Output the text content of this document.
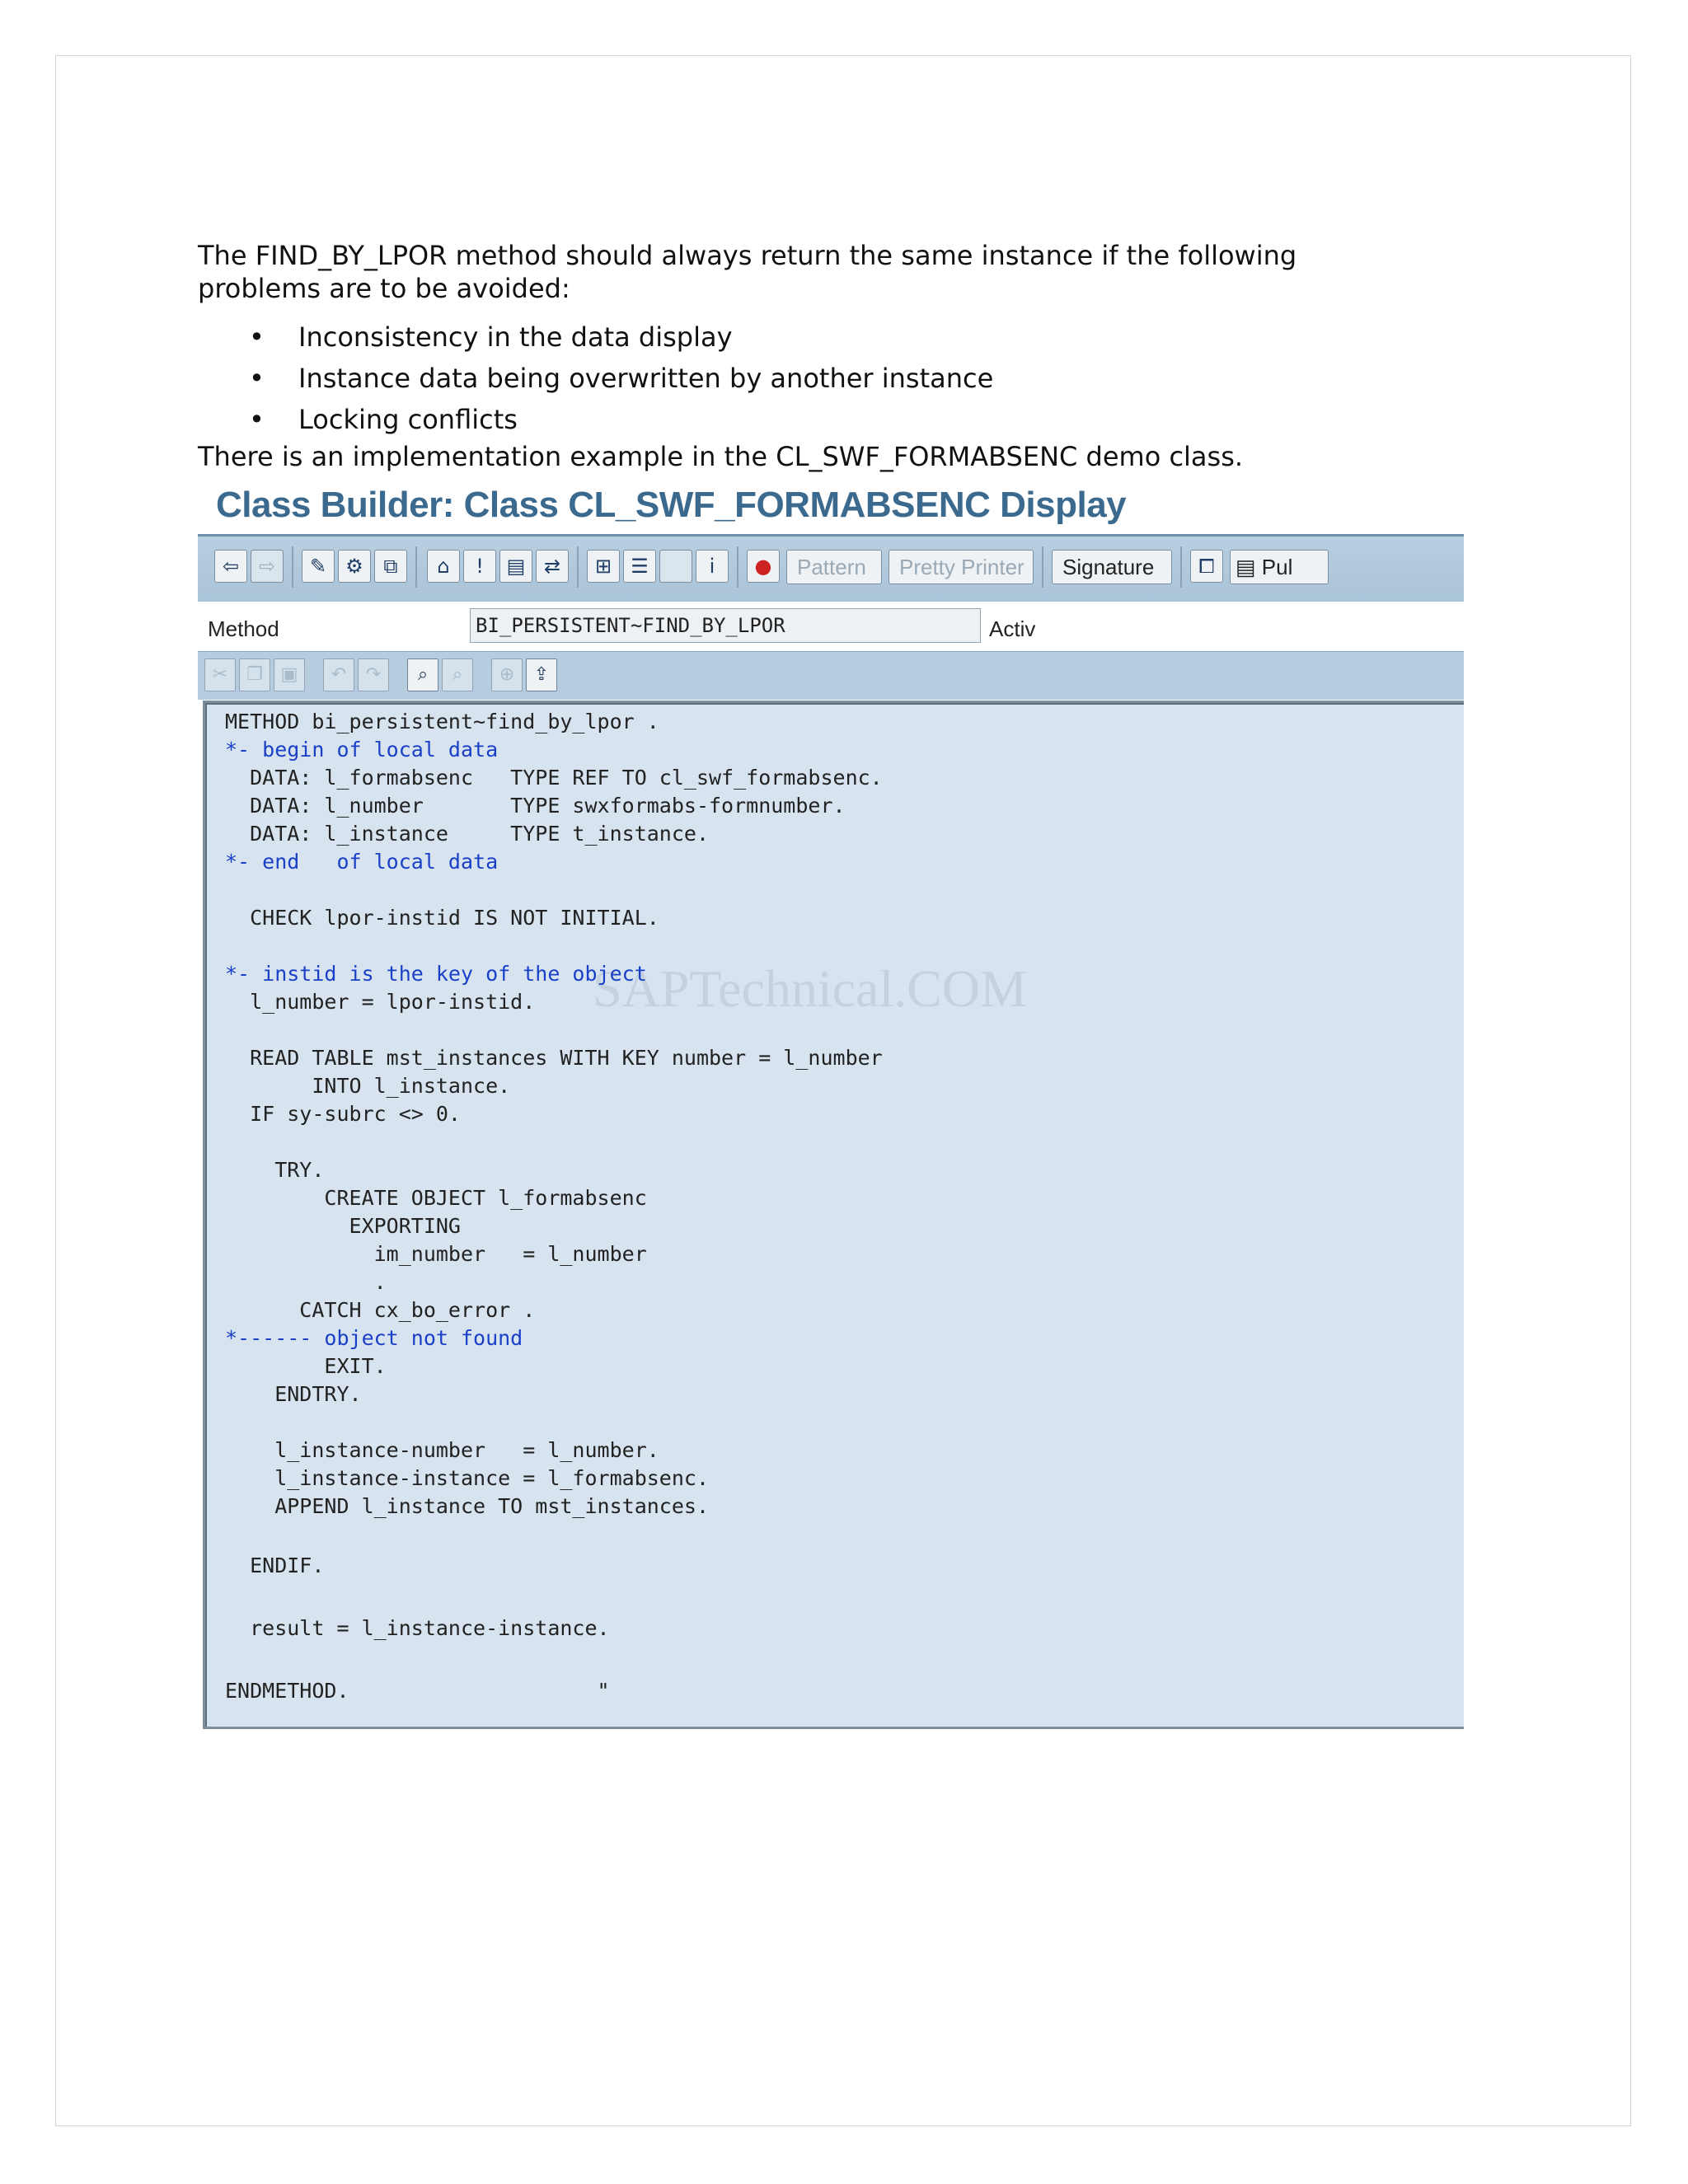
The FIND_BY_LPOR method should always return the same instance if the following
problems are to be avoided:
• Inconsistency in the data display
• Instance data being overwritten by another instance
• Locking conflicts
There is an implementation example in the CL_SWF_FORMABSENC demo class.
Class Builder: Class CL_SWF_FORMABSENC Display
⇦ ⇨	✎ ⚙	⧉	⌂	!	▤ ⇄	⊞ ☰	i	●	Pattern	Pretty Printer	Signature	⧠ ▤ Pul
Method	BI_PERSISTENT~FIND_BY_LPOR	Activ
✂	❐ ▣	↶	↷	⌕	⌕	⊕	⇪
SAPTechnical.COM
METHOD bi_persistent~find_by_lpor .
*- begin of local data
DATA: l_formabsenc   TYPE REF TO cl_swf_formabsenc.
DATA: l_number       TYPE swxformabs-formnumber.
DATA: l_instance     TYPE t_instance.
*- end   of local data
CHECK lpor-instid IS NOT INITIAL.
*- instid is the key of the object
l_number = lpor-instid.
READ TABLE mst_instances WITH KEY number = l_number
INTO l_instance.
IF sy-subrc <> 0.
TRY.
CREATE OBJECT l_formabsenc
EXPORTING
im_number   = l_number
.
CATCH cx_bo_error .
*------ object not found
EXIT.
ENDTRY.
l_instance-number   = l_number.
l_instance-instance = l_formabsenc.
APPEND l_instance TO mst_instances.
ENDIF.
result = l_instance-instance.
ENDMETHOD.                    "
